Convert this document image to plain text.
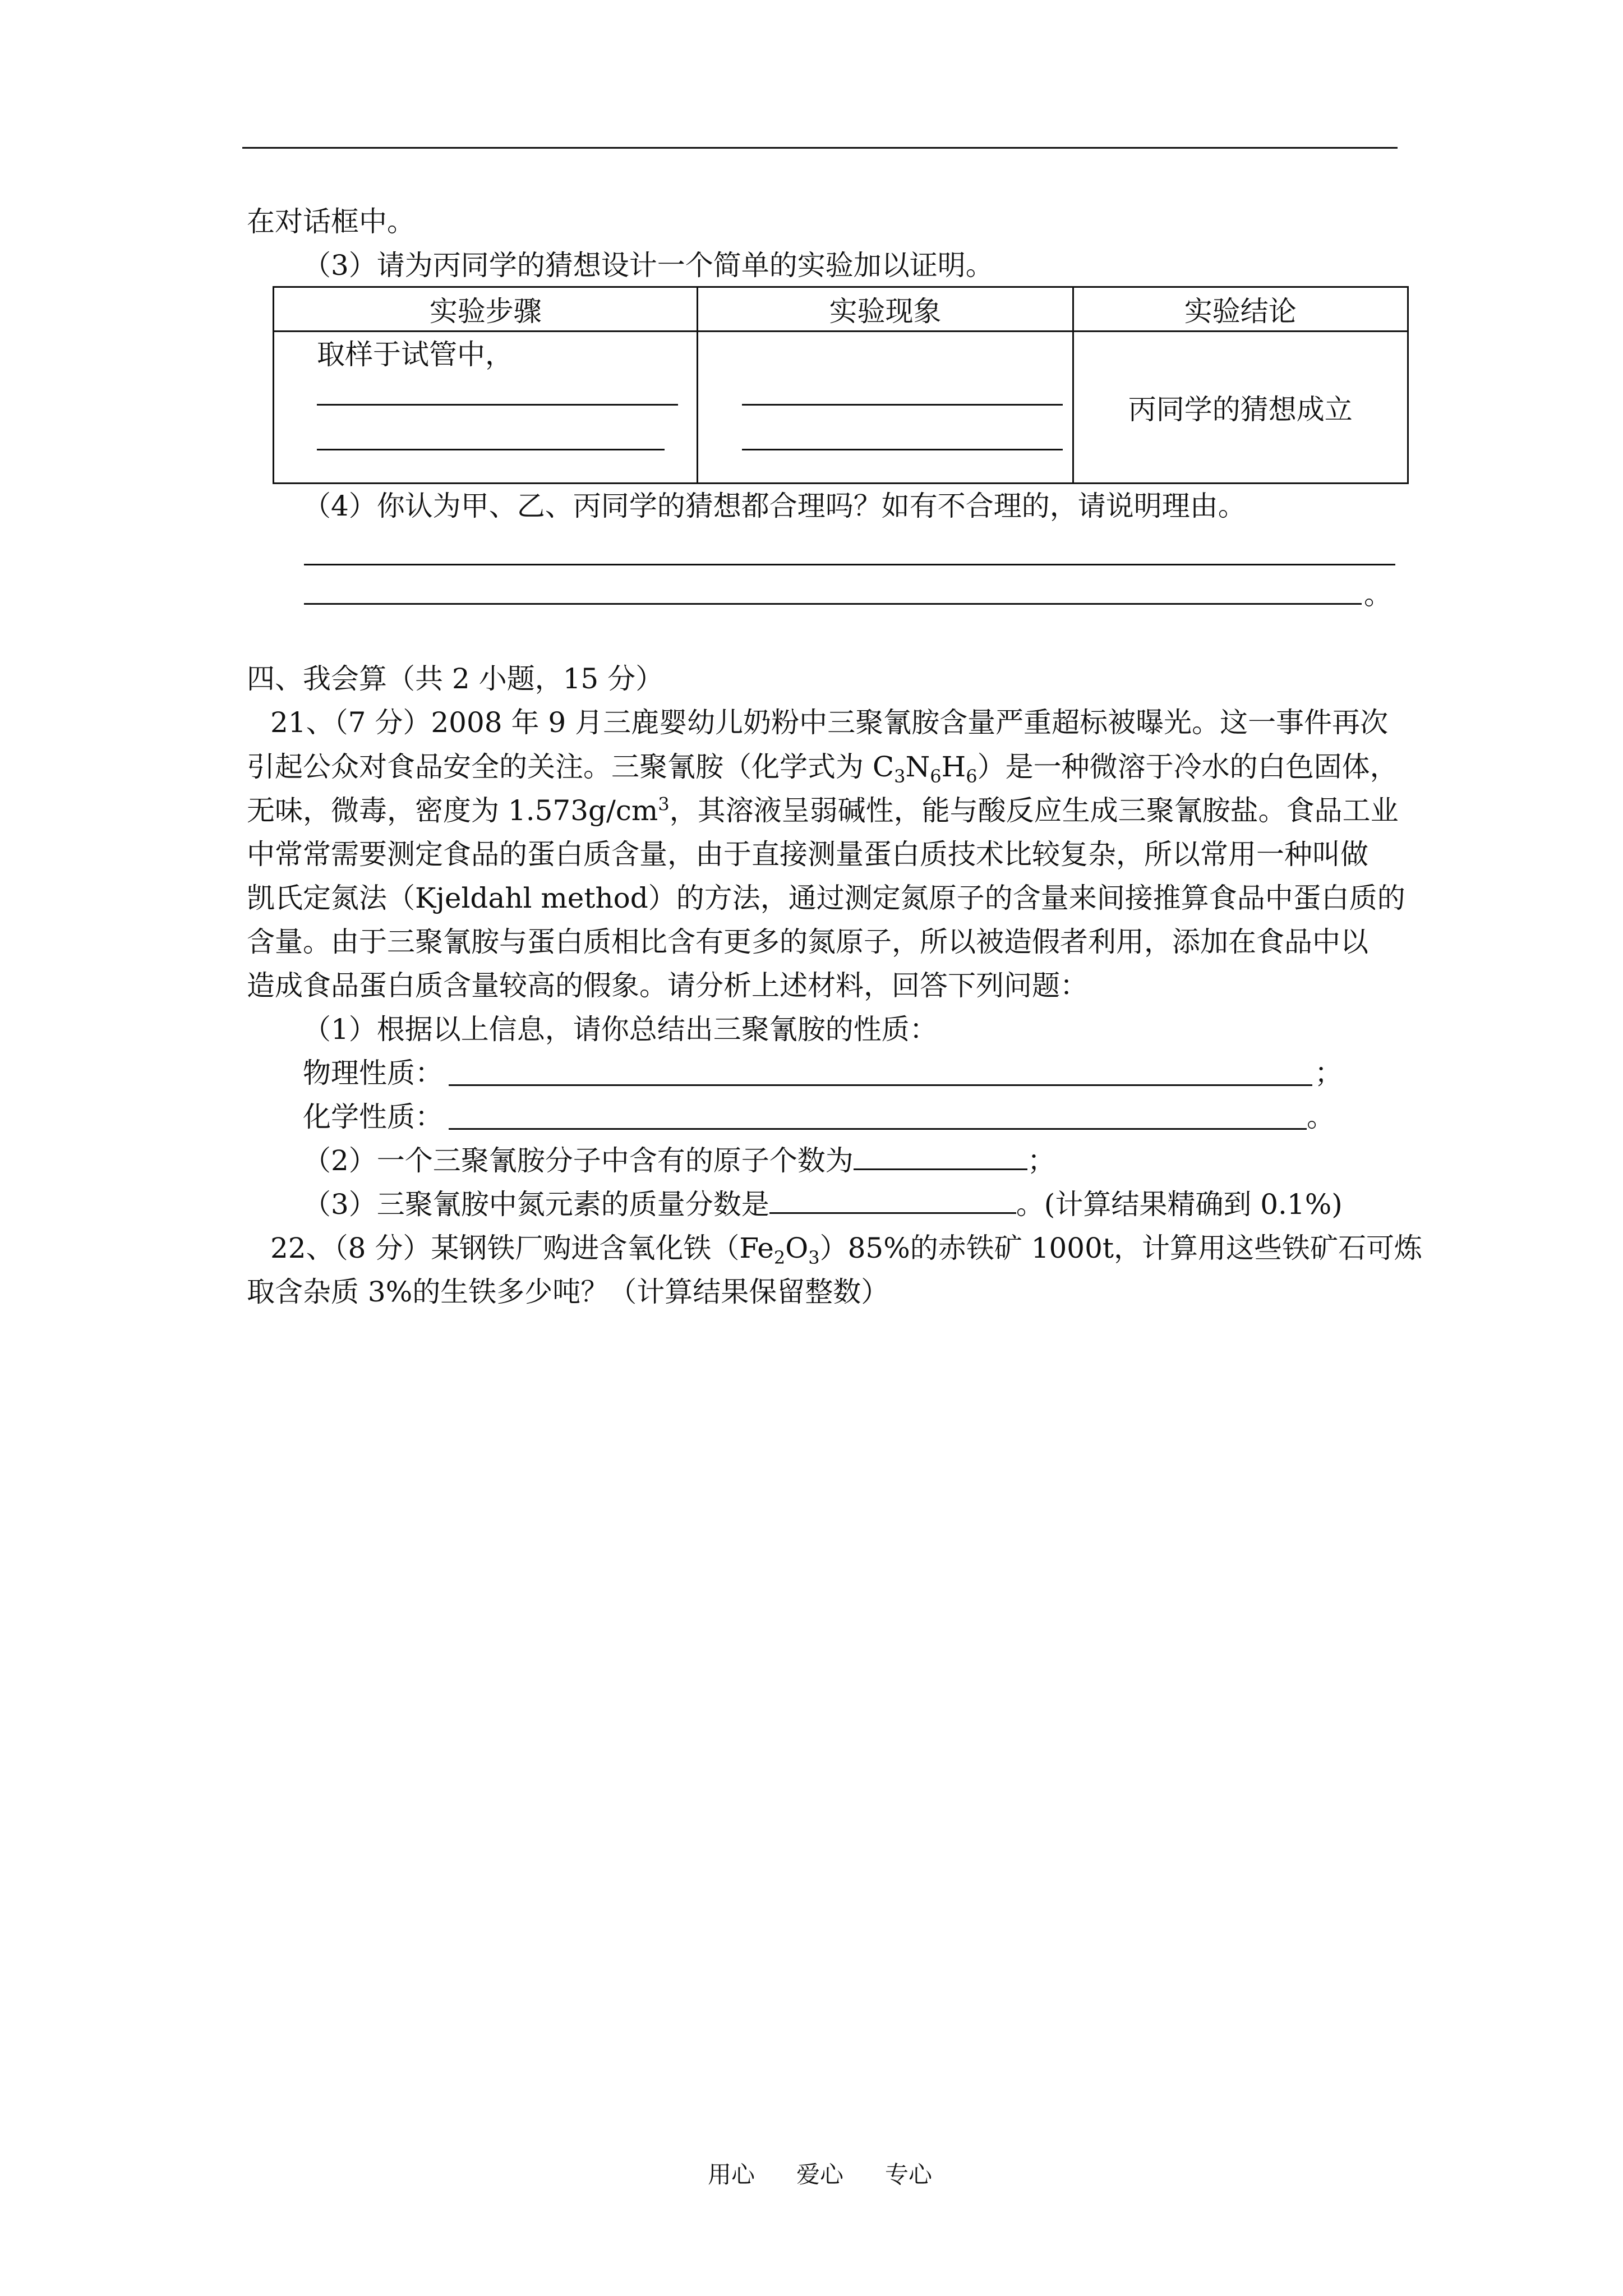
在对话框中。
（3）请为丙同学的猜想设计一个简单的实验加以证明。
实验步骤	实验现象	实验结论

取样于试管中，		丙同学的猜想成立
（4）你认为甲、乙、丙同学的猜想都合理吗？如有不合理的，请说明理由。
。
四、我会算（共 2 小题，15 分）
21、（7 分）2008 年 9 月三鹿婴幼儿奶粉中三聚氰胺含量严重超标被曝光。这一事件再次
引起公众对食品安全的关注。三聚氰胺（化学式为 $C_3N_6H_6$）是一种微溶于冷水的白色固体，
无味，微毒，密度为 $1.573g/cm^3$，其溶液呈弱碱性，能与酸反应生成三聚氰胺盐。食品工业
中常常需要测定食品的蛋白质含量，由于直接测量蛋白质技术比较复杂，所以常用一种叫做
凯氏定氮法（Kjeldahl method）的方法，通过测定氮原子的含量来间接推算食品中蛋白质的
含量。由于三聚氰胺与蛋白质相比含有更多的氮原子，所以被造假者利用，添加在食品中以
造成食品蛋白质含量较高的假象。请分析上述材料，回答下列问题：
（1）根据以上信息，请你总结出三聚氰胺的性质：
物理性质：	；
化学性质：	。
（2）一个三聚氰胺分子中含有的原子个数为	；
（3）三聚氰胺中氮元素的质量分数是	。(计算结果精确到 0.1%)
22、（8 分）某钢铁厂购进含氧化铁$(Fe_2O_3)85\%$的赤铁矿 1000t，计算用这些铁矿石可炼
取含杂质 3%的生铁多少吨？（计算结果保留整数）
用心 爱心 专心
